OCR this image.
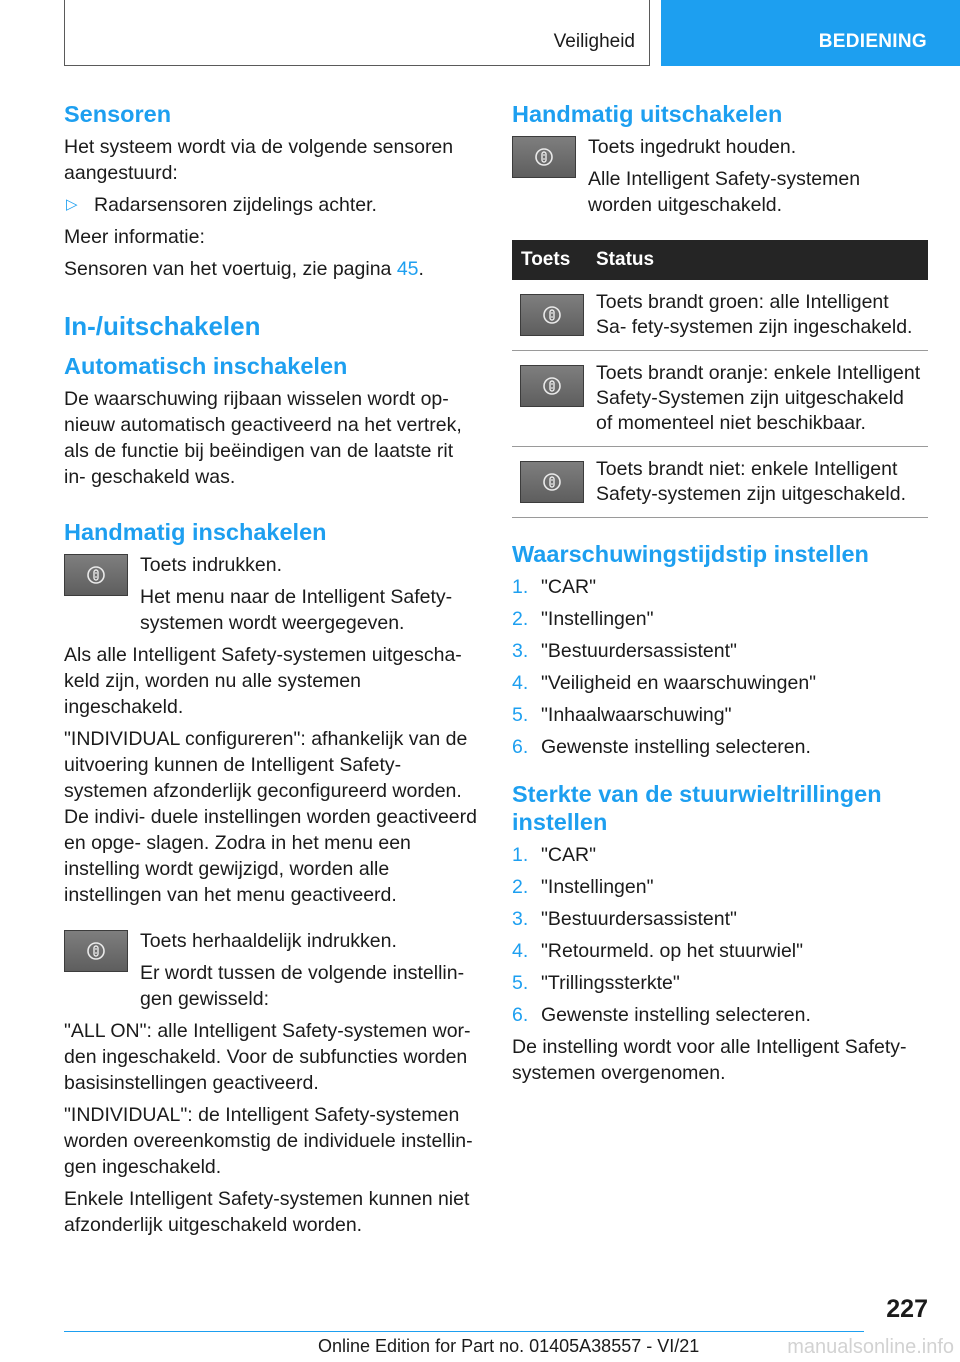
Veiligheid	BEDIENING
Sensoren

Het systeem wordt via de volgende sensoren aangestuurd:

▷ Radarsensoren zijdelings achter.

Meer informatie:

Sensoren van het voertuig, zie pagina 45.

In-/uitschakelen
Automatisch inschakelen

De waarschuwing rijbaan wisselen wordt op- nieuw automatisch geactiveerd na het vertrek, als de functie bij beëindigen van de laatste rit in- geschakeld was.

Handmatig inschakelen

Toets indrukken.

Het menu naar de Intelligent Safety- systemen wordt weergegeven.

Als alle Intelligent Safety-systemen uitgescha- keld zijn, worden nu alle systemen ingeschakeld.

"INDIVIDUAL configureren": afhankelijk van de uitvoering kunnen de Intelligent Safety-systemen afzonderlijk geconfigureerd worden. De indivi- duele instellingen worden geactiveerd en opge- slagen. Zodra in het menu een instelling wordt gewijzigd, worden alle instellingen van het menu geactiveerd.

Toets herhaaldelijk indrukken.

Er wordt tussen de volgende instellin- gen gewisseld:

"ALL ON": alle Intelligent Safety-systemen wor- den ingeschakeld. Voor de subfuncties worden basisinstellingen geactiveerd.

"INDIVIDUAL": de Intelligent Safety-systemen worden overeenkomstig de individuele instellin- gen ingeschakeld.

Enkele Intelligent Safety-systemen kunnen niet afzonderlijk uitgeschakeld worden.

Handmatig uitschakelen

Toets ingedrukt houden.

Alle Intelligent Safety-systemen worden uitgeschakeld.

Toets	Status

	Toets brandt groen: alle Intelligent Sa- fety-systemen zijn ingeschakeld.

	Toets brandt oranje: enkele Intelligent Safety-Systemen zijn uitgeschakeld of momenteel niet beschikbaar.

	Toets brandt niet: enkele Intelligent Safety-systemen zijn uitgeschakeld.
Waarschuwingstijdstip instellen
1. "CAR"
2. "Instellingen"
3. "Bestuurdersassistent"
4. "Veiligheid en waarschuwingen"
5. "Inhaalwaarschuwing"
6. Gewenste instelling selecteren.
Sterkte van de stuurwieltrillingen instellen
1. "CAR"
2. "Instellingen"
3. "Bestuurdersassistent"
4. "Retourmeld. op het stuurwiel"
5. "Trillingssterkte"
6. Gewenste instelling selecteren.

De instelling wordt voor alle Intelligent Safety- systemen overgenomen.

227
Online Edition for Part no. 01405A38557 - VI/21	manualsonline.info
